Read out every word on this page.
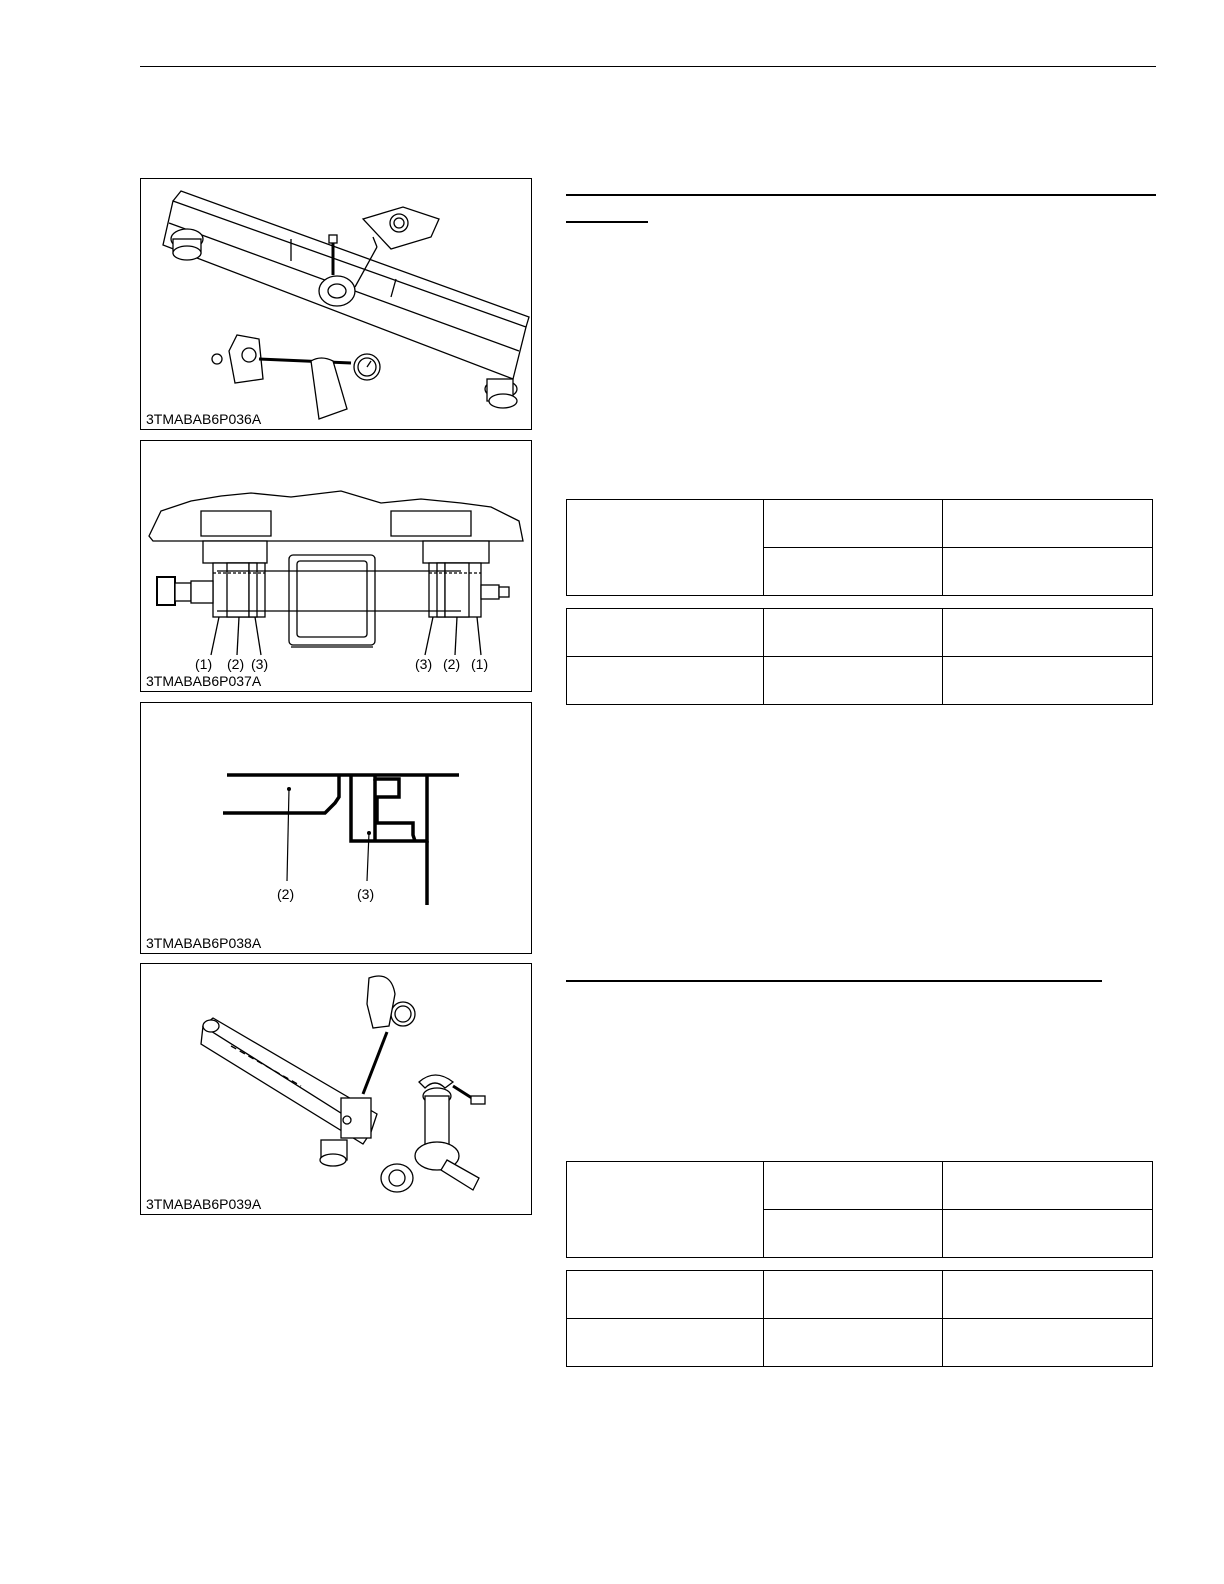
3TMABAB6P036A
(1) (2) (3)	(3) (2) (1)
3TMABAB6P037A
(2)	(3)
3TMABAB6P038A
3TMABAB6P039A
